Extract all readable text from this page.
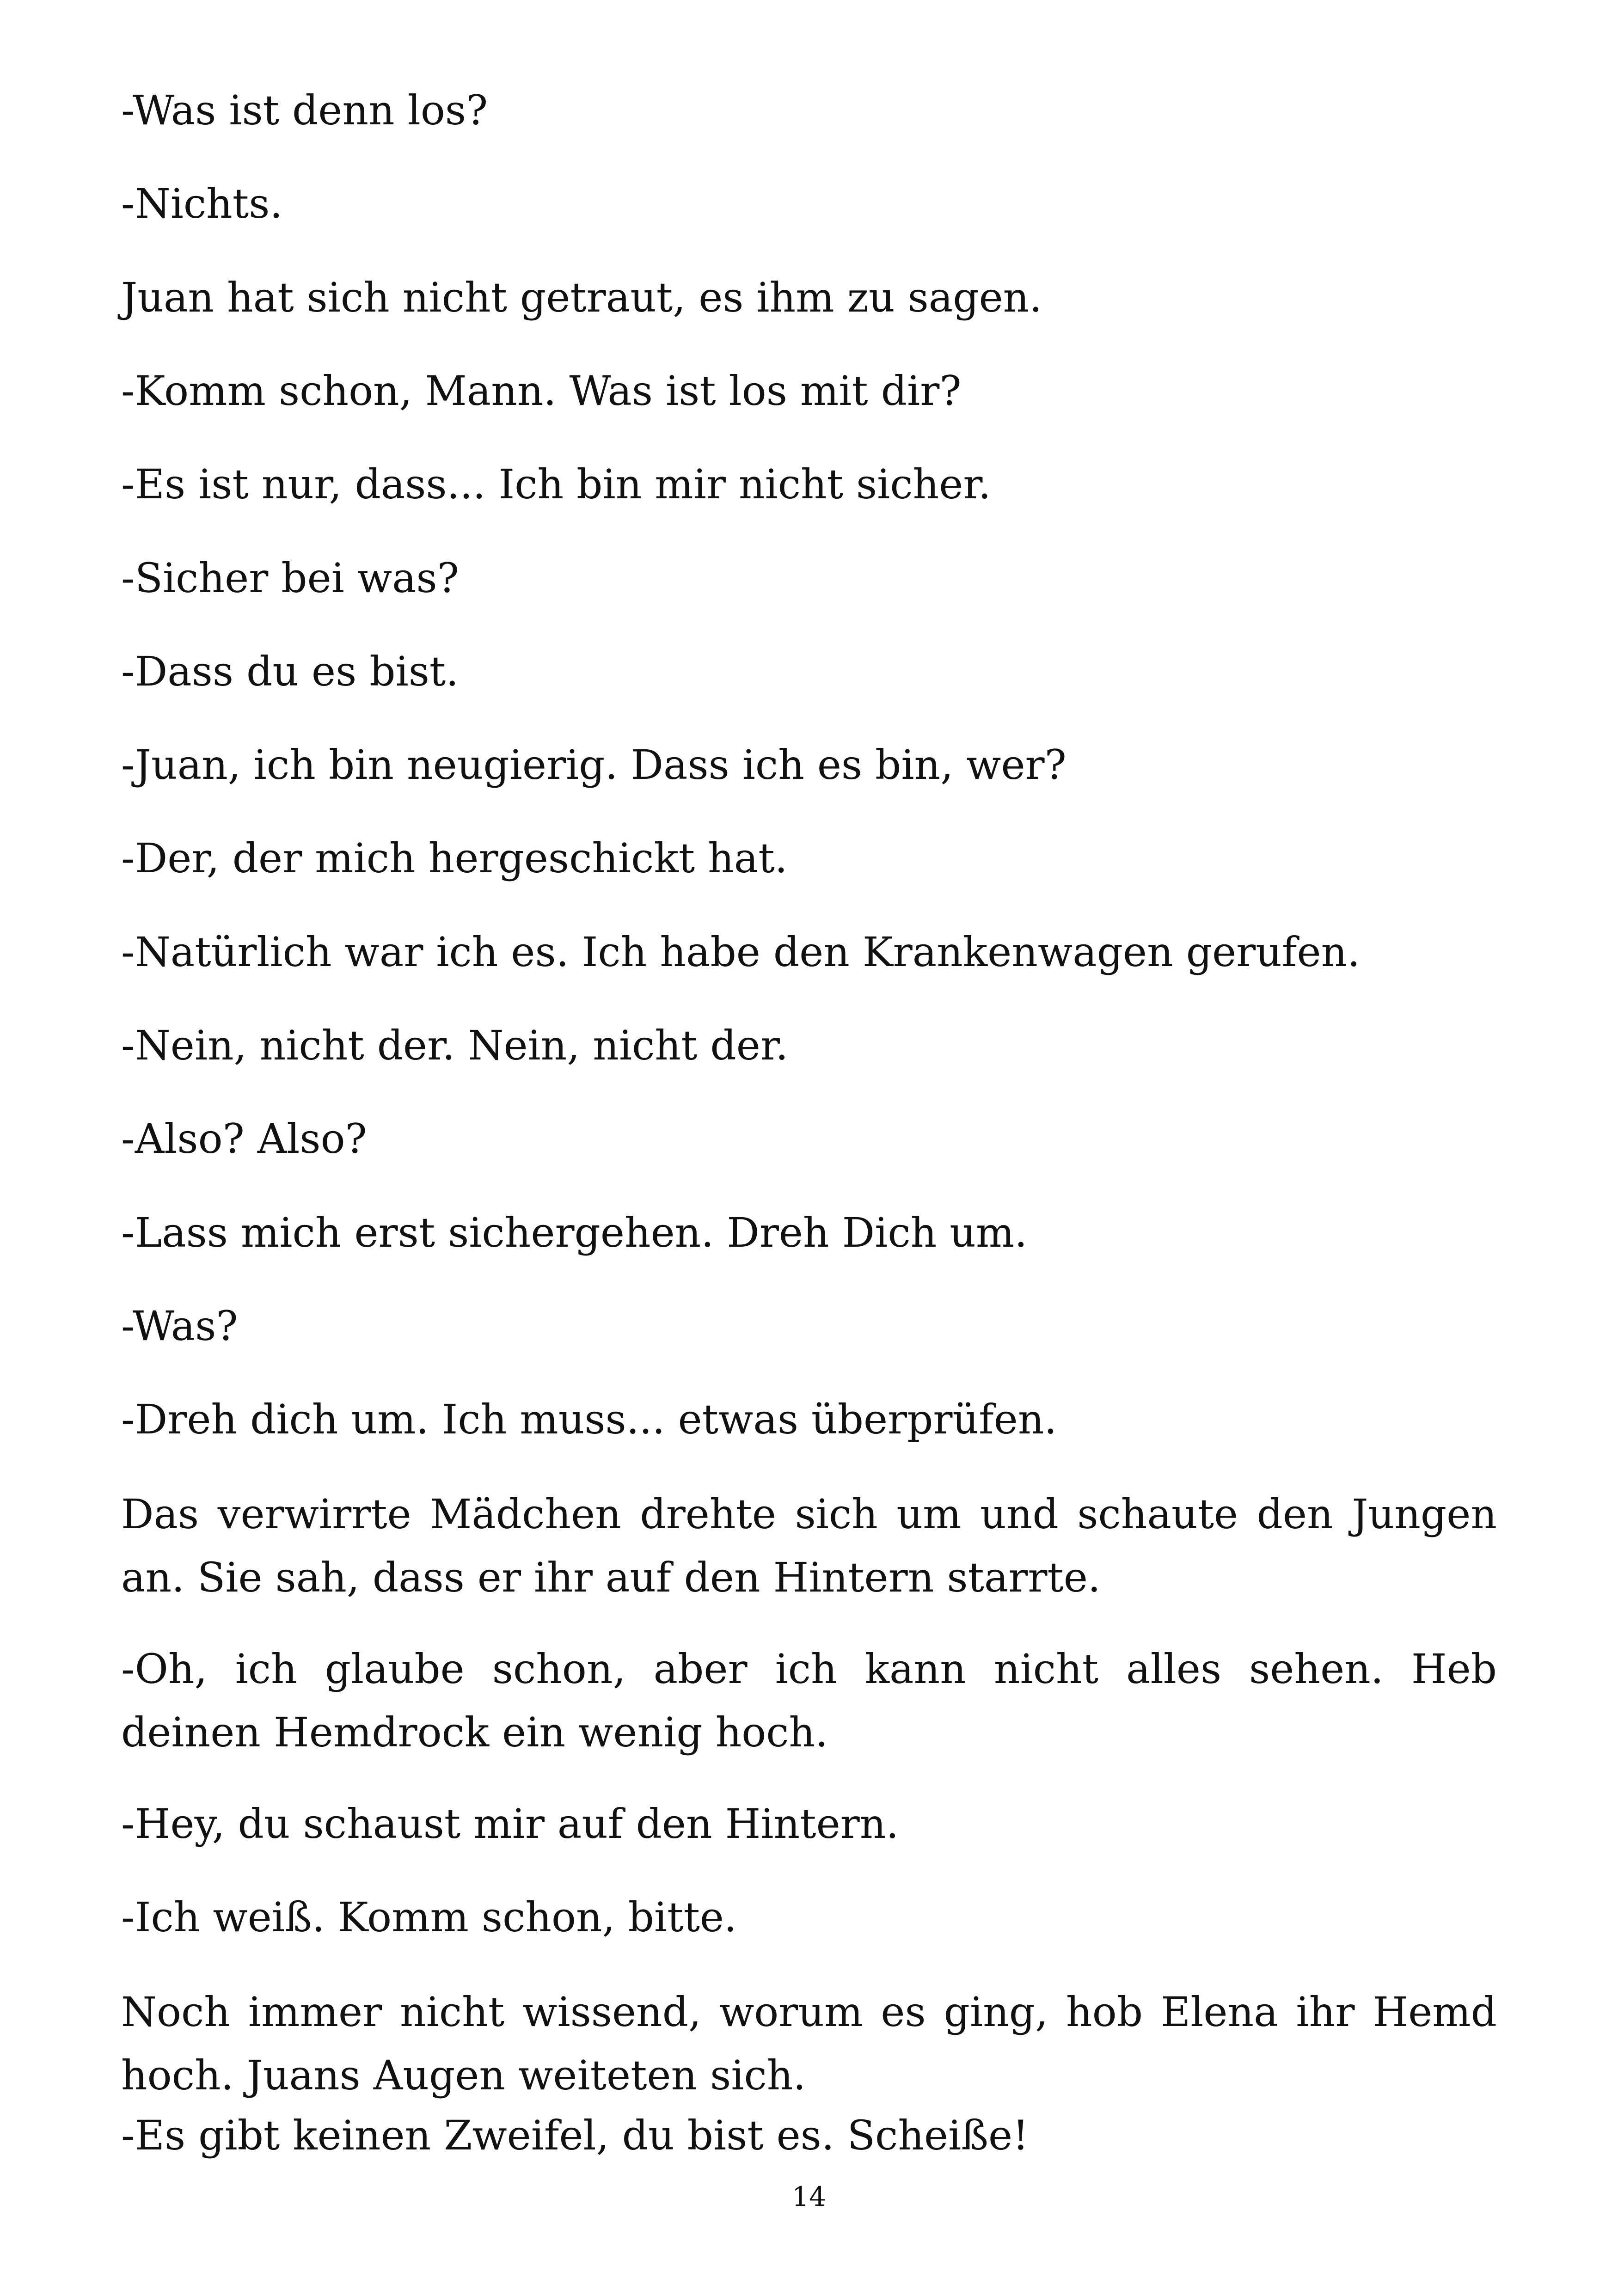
-Was ist denn los?

-Nichts.

Juan hat sich nicht getraut, es ihm zu sagen.

-Komm schon, Mann. Was ist los mit dir?

-Es ist nur, dass... Ich bin mir nicht sicher.

-Sicher bei was?

-Dass du es bist.

-Juan, ich bin neugierig. Dass ich es bin, wer?

-Der, der mich hergeschickt hat.

-Natürlich war ich es. Ich habe den Krankenwagen gerufen.

-Nein, nicht der. Nein, nicht der.

-Also? Also?

-Lass mich erst sichergehen. Dreh Dich um.

-Was?

-Dreh dich um. Ich muss... etwas überprüfen.

Das verwirrte Mädchen drehte sich um und schaute den Jungen an. Sie sah, dass er ihr auf den Hintern starrte.

-Oh, ich glaube schon, aber ich kann nicht alles sehen. Heb deinen Hemdrock ein wenig hoch.

-Hey, du schaust mir auf den Hintern.

-Ich weiß. Komm schon, bitte.

Noch immer nicht wissend, worum es ging, hob Elena ihr Hemd hoch. Juans Augen weiteten sich.

-Es gibt keinen Zweifel, du bist es. Scheiße!

14
